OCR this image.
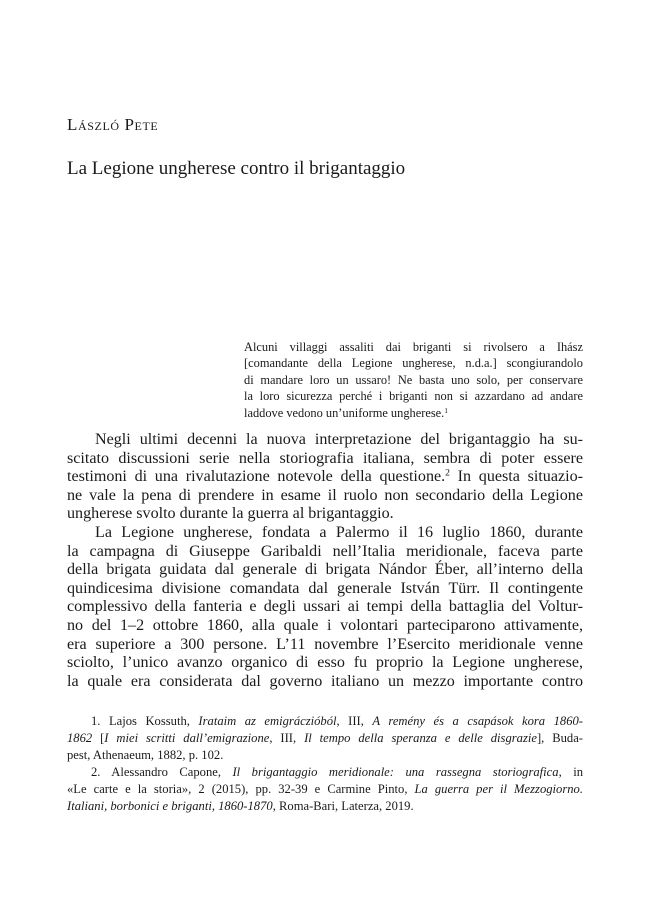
László Pete
La Legione ungherese contro il brigantaggio
Alcuni villaggi assaliti dai briganti si rivolsero a Ihász
[comandante della Legione ungherese, n.d.a.] scongiurandolo
di mandare loro un ussaro! Ne basta uno solo, per conservare
la loro sicurezza perché i briganti non si azzardano ad andare
laddove vedono un’uniforme ungherese.$^1$
Negli ultimi decenni la nuova interpretazione del brigantaggio ha su-
scitato discussioni serie nella storiografia italiana, sembra di poter essere
testimoni di una rivalutazione notevole della questione.$^2$ In questa situazio-
ne vale la pena di prendere in esame il ruolo non secondario della Legione
ungherese svolto durante la guerra al brigantaggio.
La Legione ungherese, fondata a Palermo il 16 luglio 1860, durante
la campagna di Giuseppe Garibaldi nell’Italia meridionale, faceva parte
della brigata guidata dal generale di brigata Nándor Éber, all’interno della
quindicesima divisione comandata dal generale István Türr. Il contingente
complessivo della fanteria e degli ussari ai tempi della battaglia del Voltur-
no del 1–2 ottobre 1860, alla quale i volontari parteciparono attivamente,
era superiore a 300 persone. L’11 novembre l’Esercito meridionale venne
sciolto, l’unico avanzo organico di esso fu proprio la Legione ungherese,
la quale era considerata dal governo italiano un mezzo importante contro
1. Lajos Kossuth, Irataim az emigráczióból, III, A remény és a csapások kora 1860-
1862 [I miei scritti dall’emigrazione, III, Il tempo della speranza e delle disgrazie], Buda-
pest, Athenaeum, 1882, p. 102.
2. Alessandro Capone, Il brigantaggio meridionale: una rassegna storiografica, in
«Le carte e la storia», 2 (2015), pp. 32-39 e Carmine Pinto, La guerra per il Mezzogiorno.
Italiani, borbonici e briganti, 1860-1870, Roma-Bari, Laterza, 2019.
